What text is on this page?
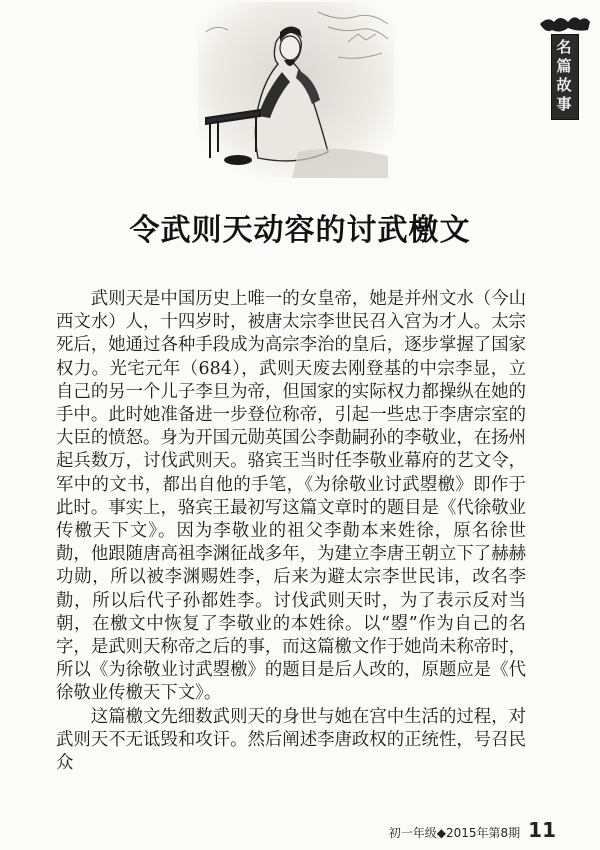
名
篇
故
事
令武则天动容的讨武檄文

武则天是中国历史上唯一的女皇帝，她是并州文水（今山西文水）人，十四岁时，被唐太宗李世民召入宫为才人。太宗死后，她通过各种手段成为高宗李治的皇后，逐步掌握了国家权力。光宅元年（684），武则天废去刚登基的中宗李显，立自己的另一个儿子李旦为帝，但国家的实际权力都操纵在她的手中。此时她准备进一步登位称帝，引起一些忠于李唐宗室的大臣的愤怒。身为开国元勋英国公李勣嗣孙的李敬业，在扬州起兵数万，讨伐武则天。骆宾王当时任李敬业幕府的艺文令，军中的文书，都出自他的手笔，《为徐敬业讨武曌檄》即作于此时。事实上，骆宾王最初写这篇文章时的题目是《代徐敬业传檄天下文》。因为李敬业的祖父李勣本来姓徐，原名徐世勣，他跟随唐高祖李渊征战多年，为建立李唐王朝立下了赫赫功勋，所以被李渊赐姓李，后来为避太宗李世民讳，改名李勣，所以后代子孙都姓李。讨伐武则天时，为了表示反对当朝，在檄文中恢复了李敬业的本姓徐。以“曌”作为自己的名字，是武则天称帝之后的事，而这篇檄文作于她尚未称帝时，所以《为徐敬业讨武曌檄》的题目是后人改的，原题应是《代徐敬业传檄天下文》。

这篇檄文先细数武则天的身世与她在宫中生活的过程，对武则天不无诋毁和攻讦。然后阐述李唐政权的正统性，号召民众

初一年级◆2015年第8期 11
